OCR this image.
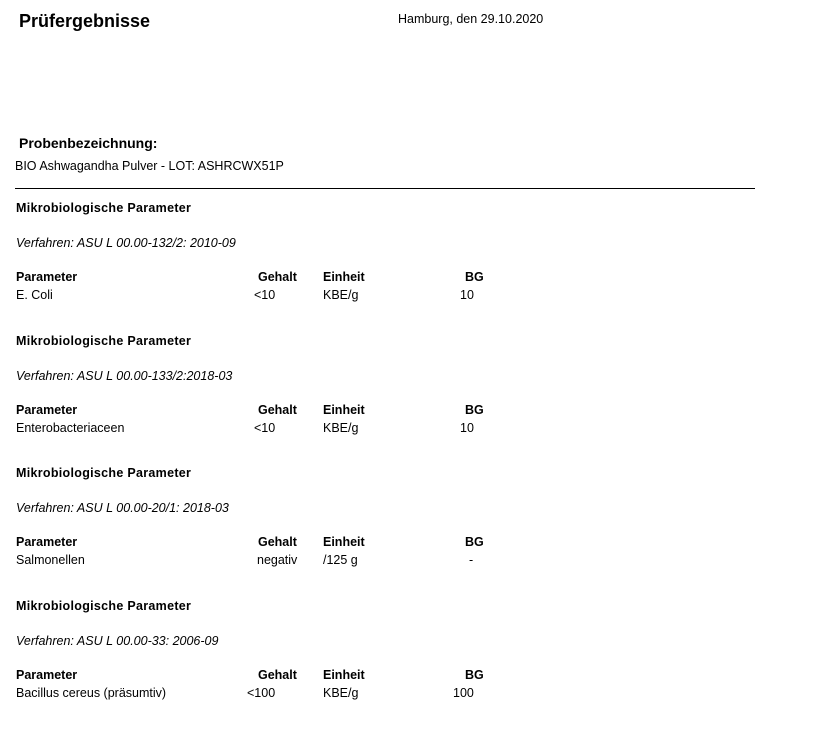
Prüfergebnisse	Hamburg, den 29.10.2020
Probenbezeichnung:
BIO Ashwagandha Pulver - LOT: ASHRCWX51P
Mikrobiologische Parameter
Verfahren: ASU L 00.00-132/2: 2010-09
Parameter	Gehalt Einheit	BG
E. Coli	<10	KBE/g	10
Mikrobiologische Parameter
Verfahren: ASU L 00.00-133/2:2018-03
Parameter	Gehalt Einheit	BG
Enterobacteriaceen	<10	KBE/g	10
Mikrobiologische Parameter
Verfahren: ASU L 00.00-20/1: 2018-03
Parameter	Gehalt Einheit	BG
Salmonellen	negativ /125 g	-
Mikrobiologische Parameter
Verfahren: ASU L 00.00-33: 2006-09
Parameter	Gehalt Einheit	BG
Bacillus cereus (präsumtiv)	<100	KBE/g	100
